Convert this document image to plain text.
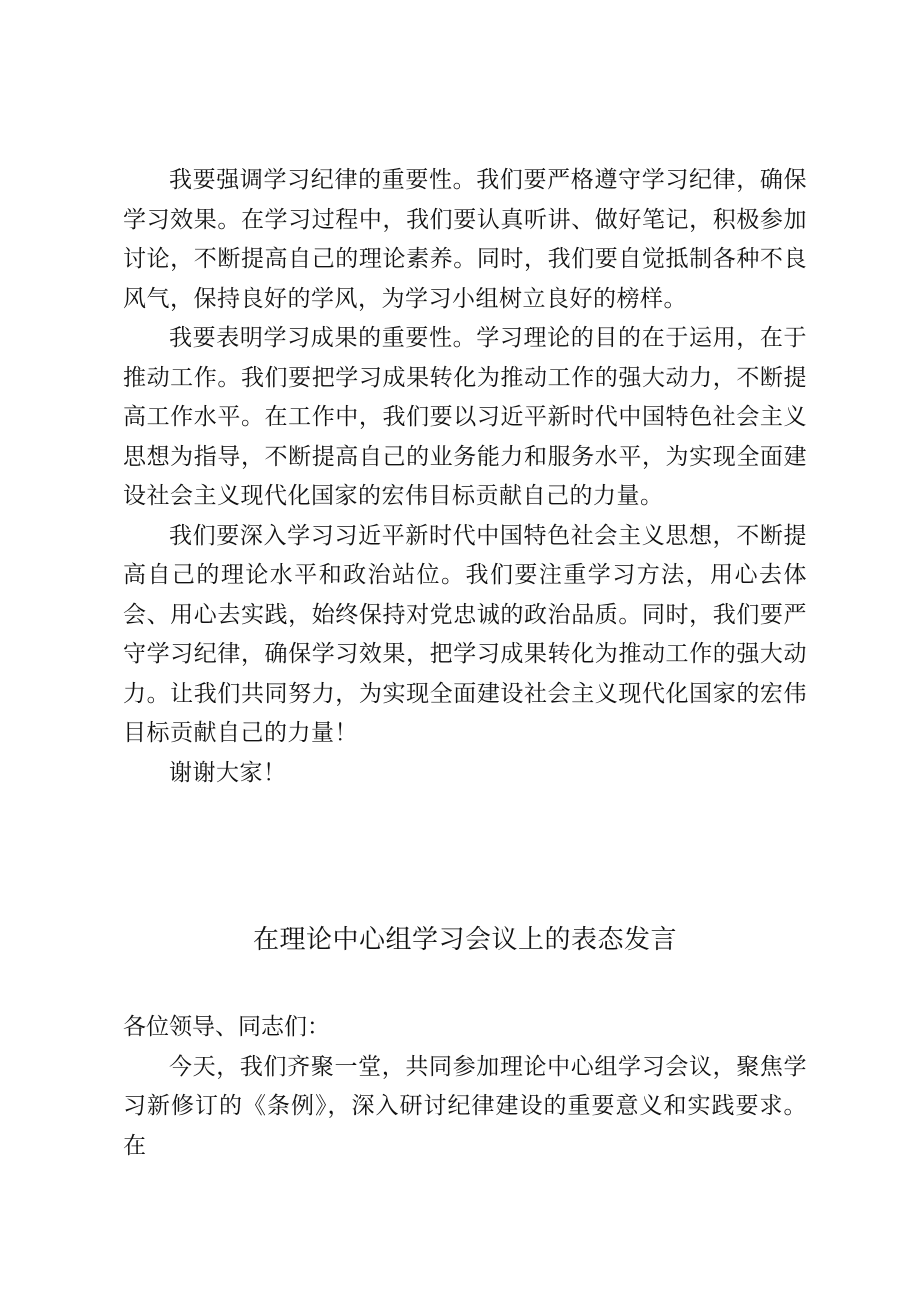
我要强调学习纪律的重要性。我们要严格遵守学习纪律，确保学习效果。在学习过程中，我们要认真听讲、做好笔记，积极参加讨论，不断提高自己的理论素养。同时，我们要自觉抵制各种不良风气，保持良好的学风，为学习小组树立良好的榜样。

我要表明学习成果的重要性。学习理论的目的在于运用，在于推动工作。我们要把学习成果转化为推动工作的强大动力，不断提高工作水平。在工作中，我们要以习近平新时代中国特色社会主义思想为指导，不断提高自己的业务能力和服务水平，为实现全面建设社会主义现代化国家的宏伟目标贡献自己的力量。

我们要深入学习习近平新时代中国特色社会主义思想，不断提高自己的理论水平和政治站位。我们要注重学习方法，用心去体会、用心去实践，始终保持对党忠诚的政治品质。同时，我们要严守学习纪律，确保学习效果，把学习成果转化为推动工作的强大动力。让我们共同努力，为实现全面建设社会主义现代化国家的宏伟目标贡献自己的力量！

谢谢大家！

在理论中心组学习会议上的表态发言

各位领导、同志们：

今天，我们齐聚一堂，共同参加理论中心组学习会议，聚焦学习新修订的《条例》，深入研讨纪律建设的重要意义和实践要求。在
